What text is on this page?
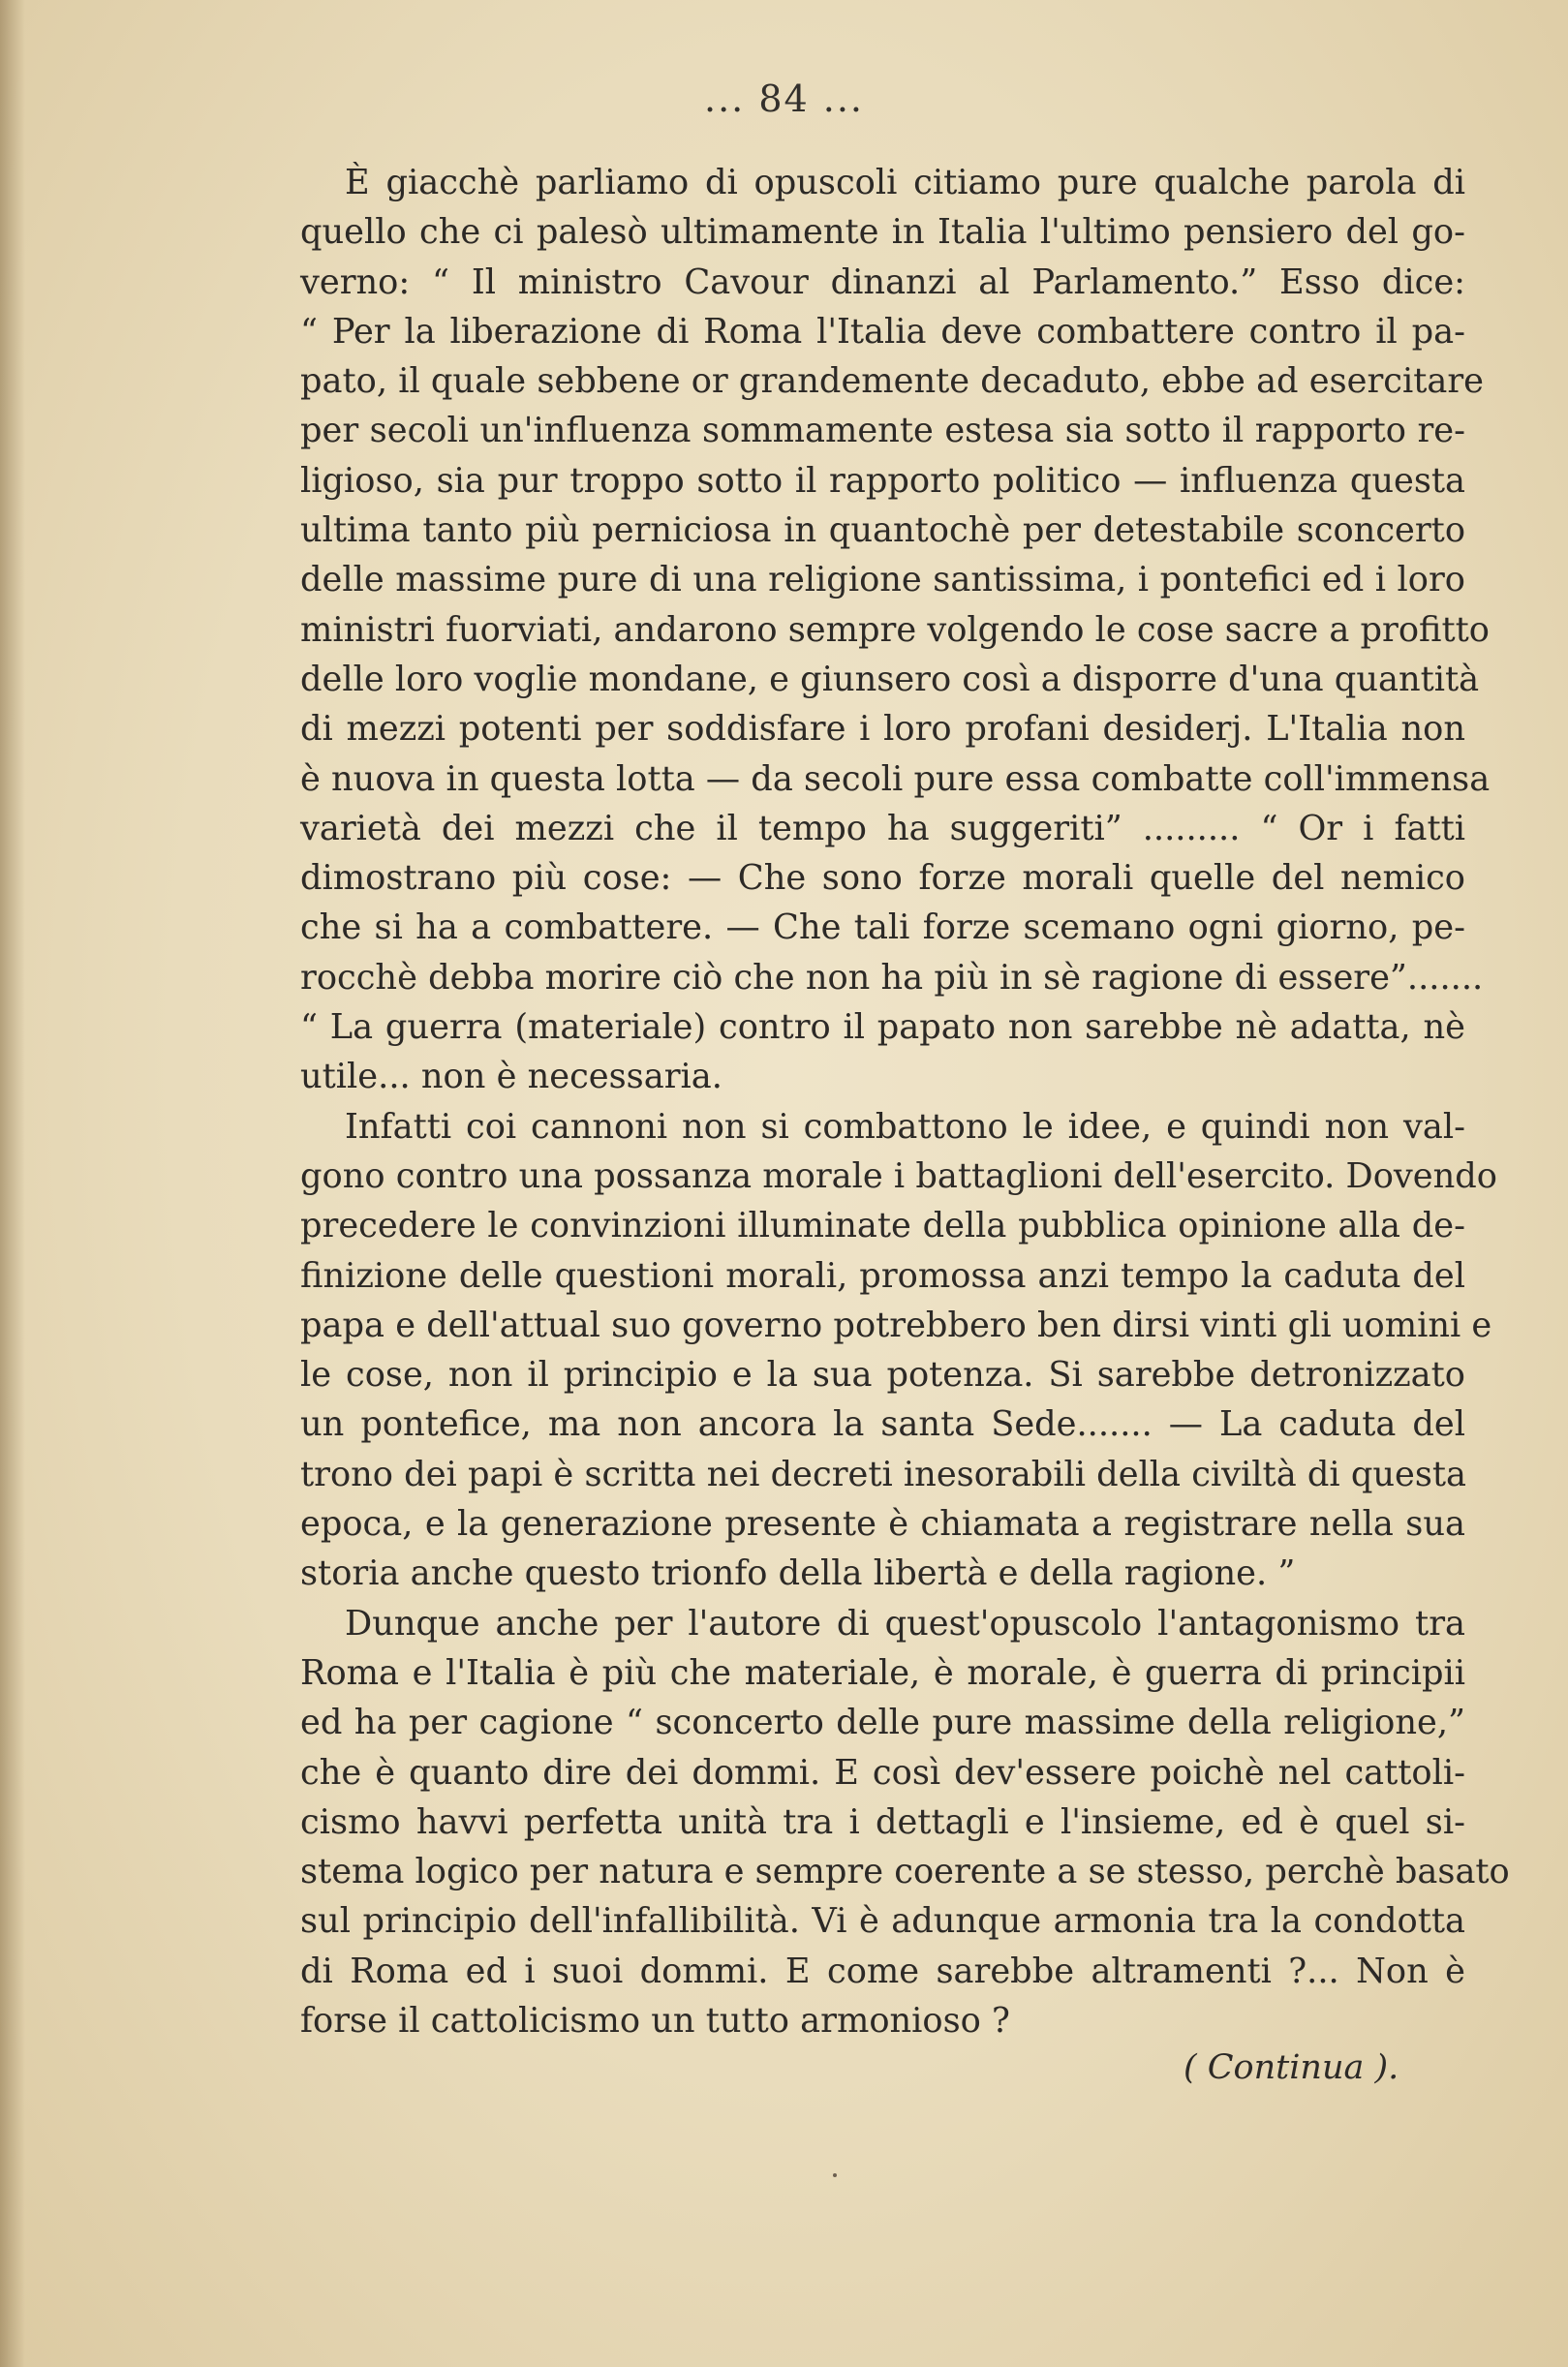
... 84 ...

È giacchè parliamo di opuscoli citiamo pure qualche parola di
quello che ci palesò ultimamente in Italia l'ultimo pensiero del go-
verno: “ Il ministro Cavour dinanzi al Parlamento.” Esso dice:
“ Per la liberazione di Roma l'Italia deve combattere contro il pa-
pato, il quale sebbene or grandemente decaduto, ebbe ad esercitare
per secoli un'influenza sommamente estesa sia sotto il rapporto re-
ligioso, sia pur troppo sotto il rapporto politico — influenza questa
ultima tanto più perniciosa in quantochè per detestabile sconcerto
delle massime pure di una religione santissima, i pontefici ed i loro
ministri fuorviati, andarono sempre volgendo le cose sacre a profitto
delle loro voglie mondane, e giunsero così a disporre d'una quantità
di mezzi potenti per soddisfare i loro profani desiderj. L'Italia non
è nuova in questa lotta — da secoli pure essa combatte coll'immensa
varietà dei mezzi che il tempo ha suggeriti” ......... “ Or i fatti
dimostrano più cose: — Che sono forze morali quelle del nemico
che si ha a combattere. — Che tali forze scemano ogni giorno, pe-
rocchè debba morire ciò che non ha più in sè ragione di essere”.......
“ La guerra (materiale) contro il papato non sarebbe nè adatta, nè
utile... non è necessaria.

Infatti coi cannoni non si combattono le idee, e quindi non val-
gono contro una possanza morale i battaglioni dell'esercito. Dovendo
precedere le convinzioni illuminate della pubblica opinione alla de-
finizione delle questioni morali, promossa anzi tempo la caduta del
papa e dell'attual suo governo potrebbero ben dirsi vinti gli uomini e
le cose, non il principio e la sua potenza. Si sarebbe detronizzato
un pontefice, ma non ancora la santa Sede....... — La caduta del
trono dei papi è scritta nei decreti inesorabili della civiltà di questa
epoca, e la generazione presente è chiamata a registrare nella sua
storia anche questo trionfo della libertà e della ragione. ”

Dunque anche per l'autore di quest'opuscolo l'antagonismo tra
Roma e l'Italia è più che materiale, è morale, è guerra di principii
ed ha per cagione “ sconcerto delle pure massime della religione,”
che è quanto dire dei dommi. E così dev'essere poichè nel cattoli-
cismo havvi perfetta unità tra i dettagli e l'insieme, ed è quel si-
stema logico per natura e sempre coerente a se stesso, perchè basato
sul principio dell'infallibilità. Vi è adunque armonia tra la condotta
di Roma ed i suoi dommi. E come sarebbe altramenti ?... Non è
forse il cattolicismo un tutto armonioso ?

( Continua ).
